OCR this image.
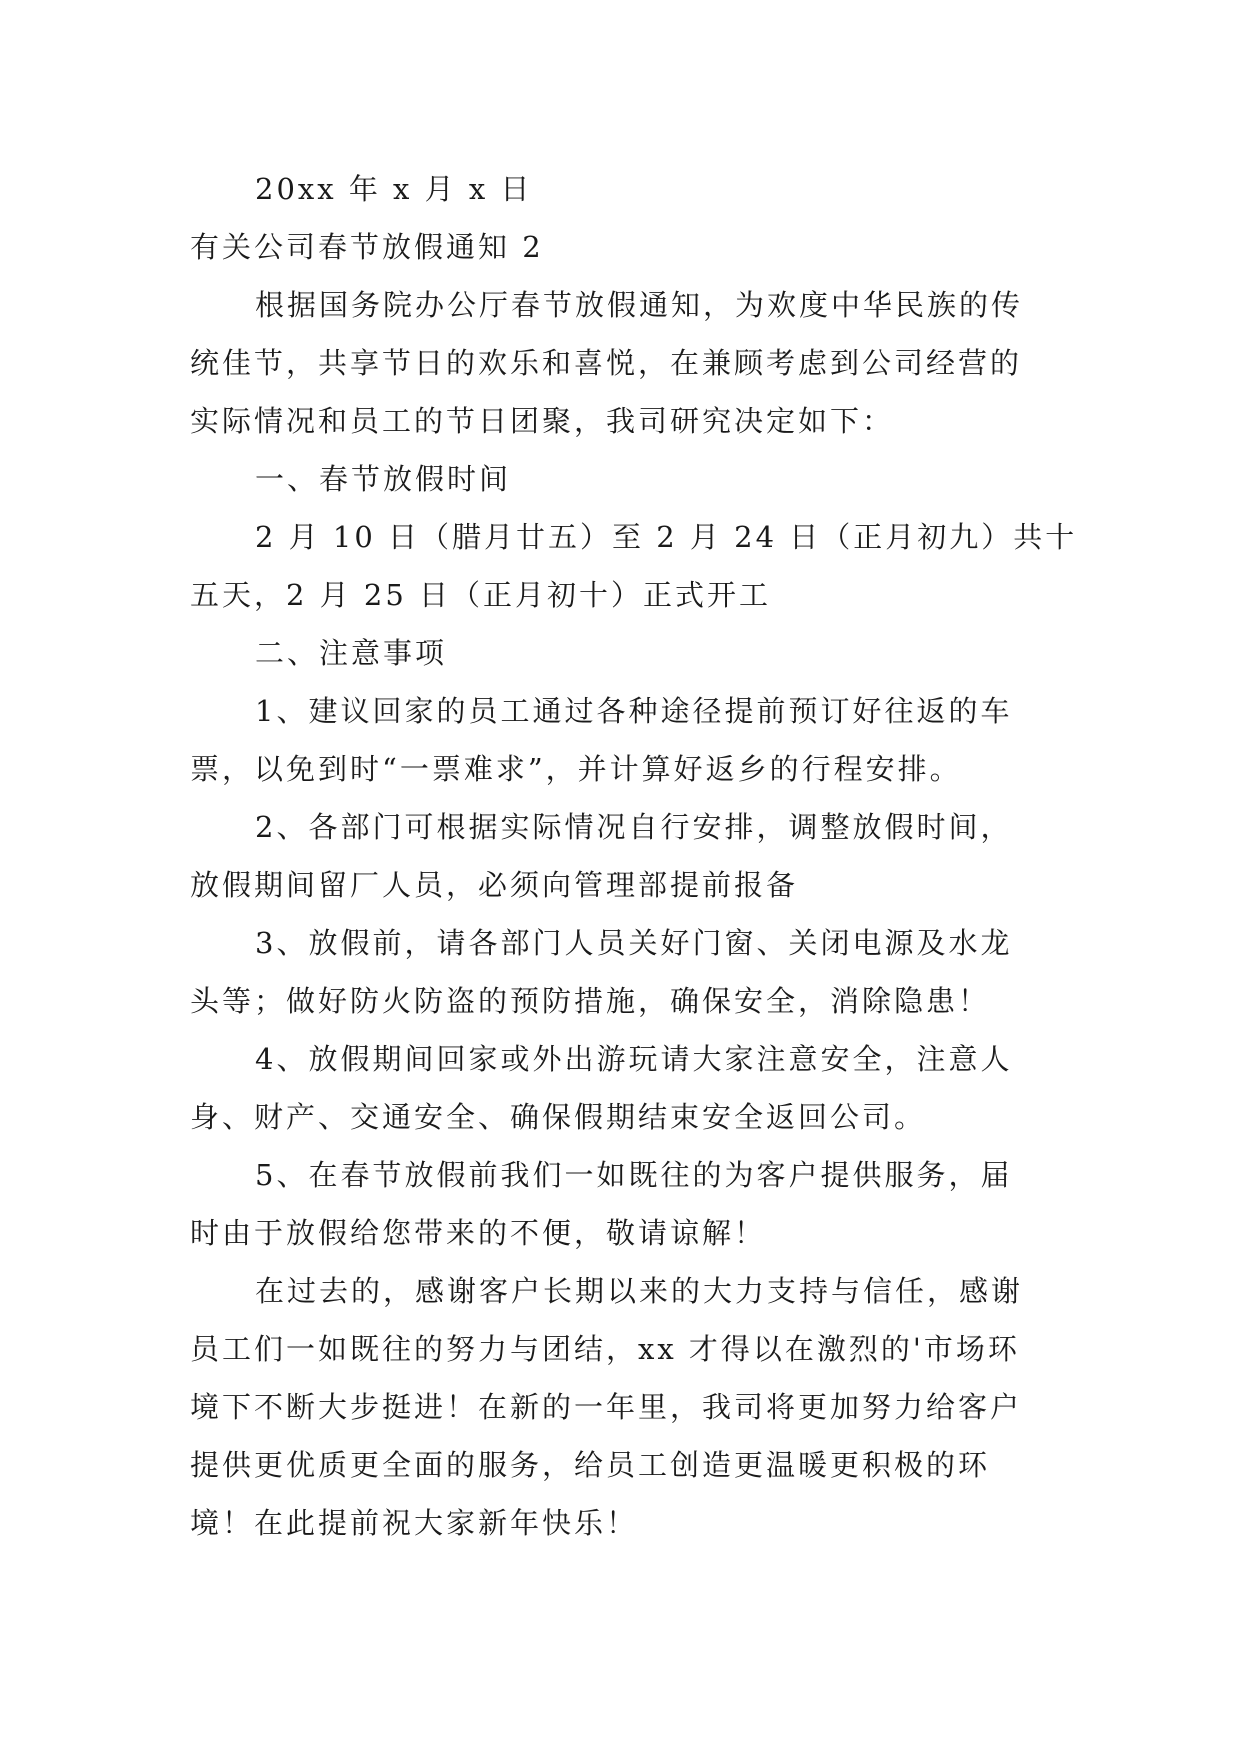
20xx 年 x 月 x 日
有关公司春节放假通知 2
根据国务院办公厅春节放假通知，为欢度中华民族的传
统佳节，共享节日的欢乐和喜悦，在兼顾考虑到公司经营的
实际情况和员工的节日团聚，我司研究决定如下：
一、春节放假时间
2 月 10 日（腊月廿五）至 2 月 24 日（正月初九）共十
五天，2 月 25 日（正月初十）正式开工
二、注意事项
1、建议回家的员工通过各种途径提前预订好往返的车
票，以免到时“一票难求”，并计算好返乡的行程安排。
2、各部门可根据实际情况自行安排，调整放假时间，
放假期间留厂人员，必须向管理部提前报备
3、放假前，请各部门人员关好门窗、关闭电源及水龙
头等；做好防火防盗的预防措施，确保安全，消除隐患！
4、放假期间回家或外出游玩请大家注意安全，注意人
身、财产、交通安全、确保假期结束安全返回公司。
5、在春节放假前我们一如既往的为客户提供服务，届
时由于放假给您带来的不便，敬请谅解！
在过去的，感谢客户长期以来的大力支持与信任，感谢
员工们一如既往的努力与团结，xx 才得以在激烈的'市场环
境下不断大步挺进！在新的一年里，我司将更加努力给客户
提供更优质更全面的服务，给员工创造更温暖更积极的环
境！在此提前祝大家新年快乐！
